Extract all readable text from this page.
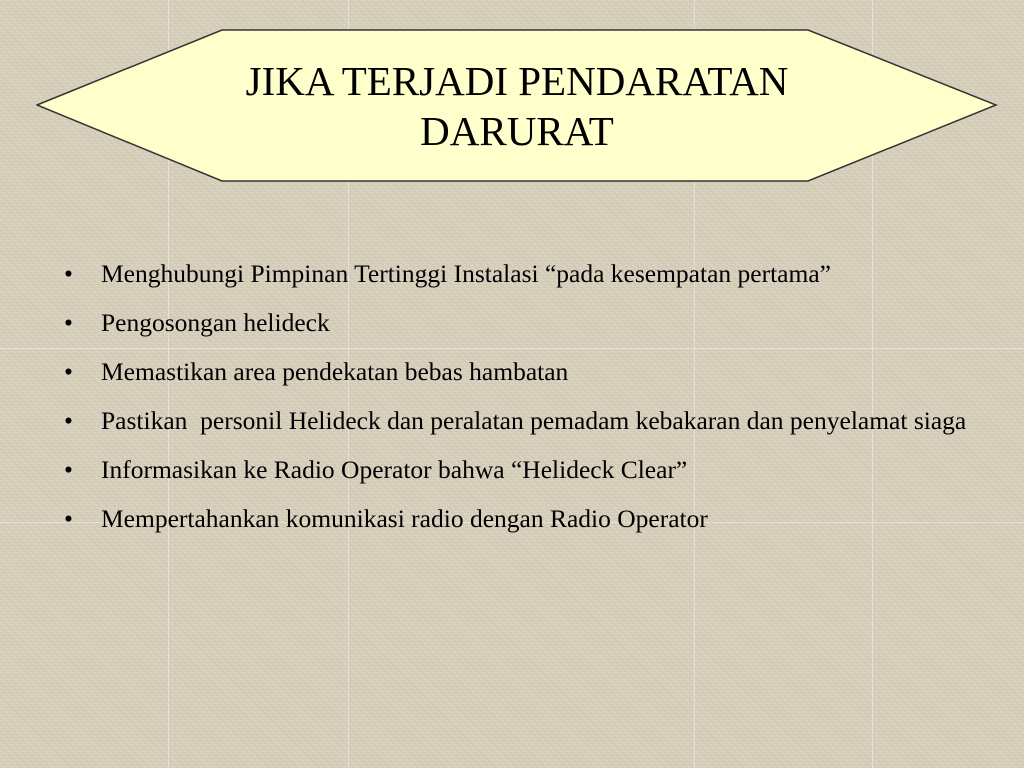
JIKA TERJADI PENDARATAN
DARURAT
• Menghubungi Pimpinan Tertinggi Instalasi “pada kesempatan pertama”
• Pengosongan helideck
• Memastikan area pendekatan bebas hambatan
• Pastikan  personil Helideck dan peralatan pemadam kebakaran dan penyelamat siaga
• Informasikan ke Radio Operator bahwa “Helideck Clear”
• Mempertahankan komunikasi radio dengan Radio Operator
